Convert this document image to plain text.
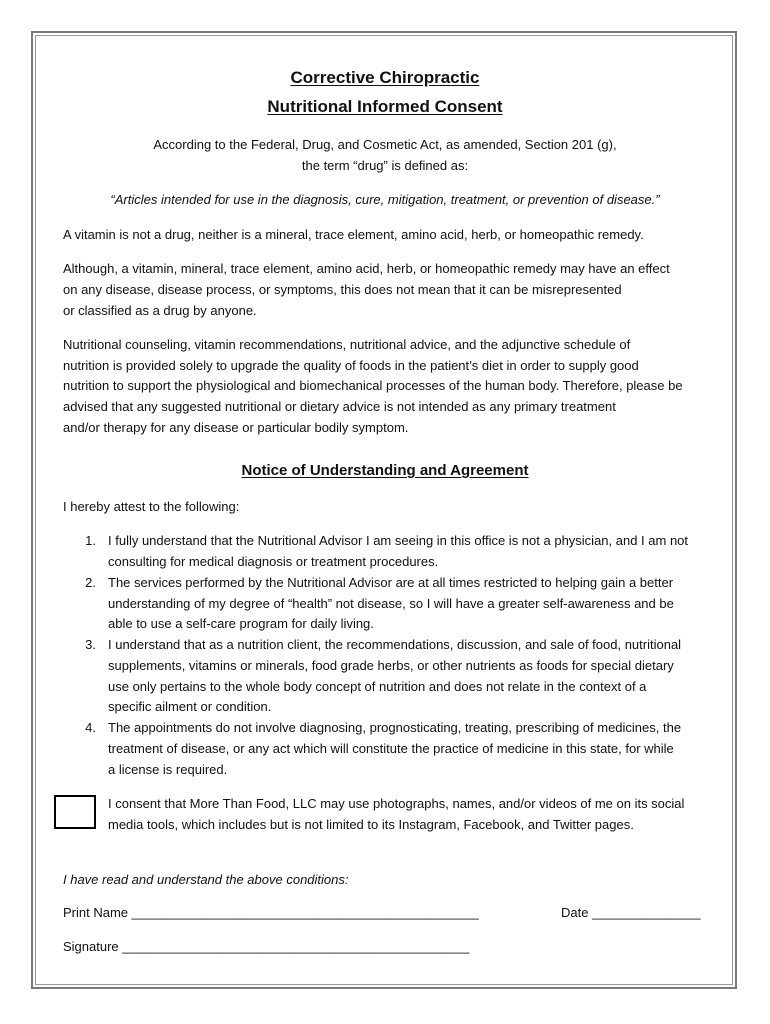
Corrective Chiropractic
Nutritional Informed Consent
According to the Federal, Drug, and Cosmetic Act, as amended, Section 201 (g),
the term “drug” is defined as:
“Articles intended for use in the diagnosis, cure, mitigation, treatment, or prevention of disease.”
A vitamin is not a drug, neither is a mineral, trace element, amino acid, herb, or homeopathic remedy.
Although, a vitamin, mineral, trace element, amino acid, herb, or homeopathic remedy may have an effect
on any disease, disease process, or symptoms, this does not mean that it can be misrepresented
or classified as a drug by anyone.
Nutritional counseling, vitamin recommendations, nutritional advice, and the adjunctive schedule of
nutrition is provided solely to upgrade the quality of foods in the patient’s diet in order to supply good
nutrition to support the physiological and biomechanical processes of the human body. Therefore, please be
advised that any suggested nutritional or dietary advice is not intended as any primary treatment
and/or therapy for any disease or particular bodily symptom.
Notice of Understanding and Agreement
I hereby attest to the following:
1. I fully understand that the Nutritional Advisor I am seeing in this office is not a physician, and I am not
consulting for medical diagnosis or treatment procedures.
2. The services performed by the Nutritional Advisor are at all times restricted to helping gain a better
understanding of my degree of “health” not disease, so I will have a greater self-awareness and be
able to use a self-care program for daily living.
3. I understand that as a nutrition client, the recommendations, discussion, and sale of food, nutritional
supplements, vitamins or minerals, food grade herbs, or other nutrients as foods for special dietary
use only pertains to the whole body concept of nutrition and does not relate in the context of a
specific ailment or condition.
4. The appointments do not involve diagnosing, prognosticating, treating, prescribing of medicines, the
treatment of disease, or any act which will constitute the practice of medicine in this state, for while
a license is required.
I consent that More Than Food, LLC may use photographs, names, and/or videos of me on its social
media tools, which includes but is not limited to its Instagram, Facebook, and Twitter pages.
I have read and understand the above conditions:
Print Name ________________________________________________	Date _______________
Signature ________________________________________________
